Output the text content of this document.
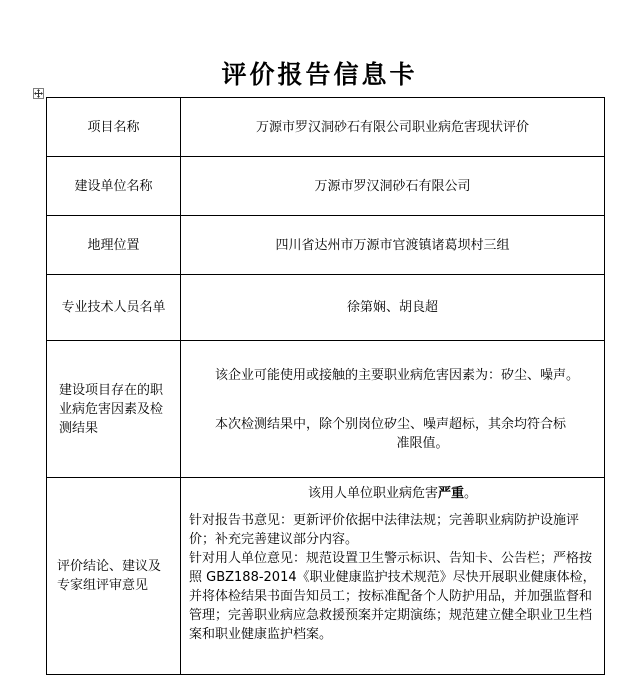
评价报告信息卡
项目名称	万源市罗汉洞砂石有限公司职业病危害现状评价
建设单位名称	万源市罗汉洞砂石有限公司
地理位置	四川省达州市万源市官渡镇诸葛坝村三组
专业技术人员名单	徐第娴、胡良超
建设项目存在的职业病危害因素及检测结果	该企业可能使用或接触的主要职业病危害因素为：矽尘、噪声。

本次检测结果中，除个别岗位矽尘、噪声超标，其余均符合标
准限值。

评价结论、建议及专家组评审意见	该用人单位职业病危害严重。

针对报告书意见：更新评价依据中法律法规；完善职业病防护设施评价；补充完善建议部分内容。

针对用人单位意见：规范设置卫生警示标识、告知卡、公告栏；严格按照 GBZ188-2014《职业健康监护技术规范》尽快开展职业健康体检，并将体检结果书面告知员工；按标准配备个人防护用品，并加强监督和管理；完善职业病应急救援预案并定期演练；规范建立健全职业卫生档案和职业健康监护档案。
